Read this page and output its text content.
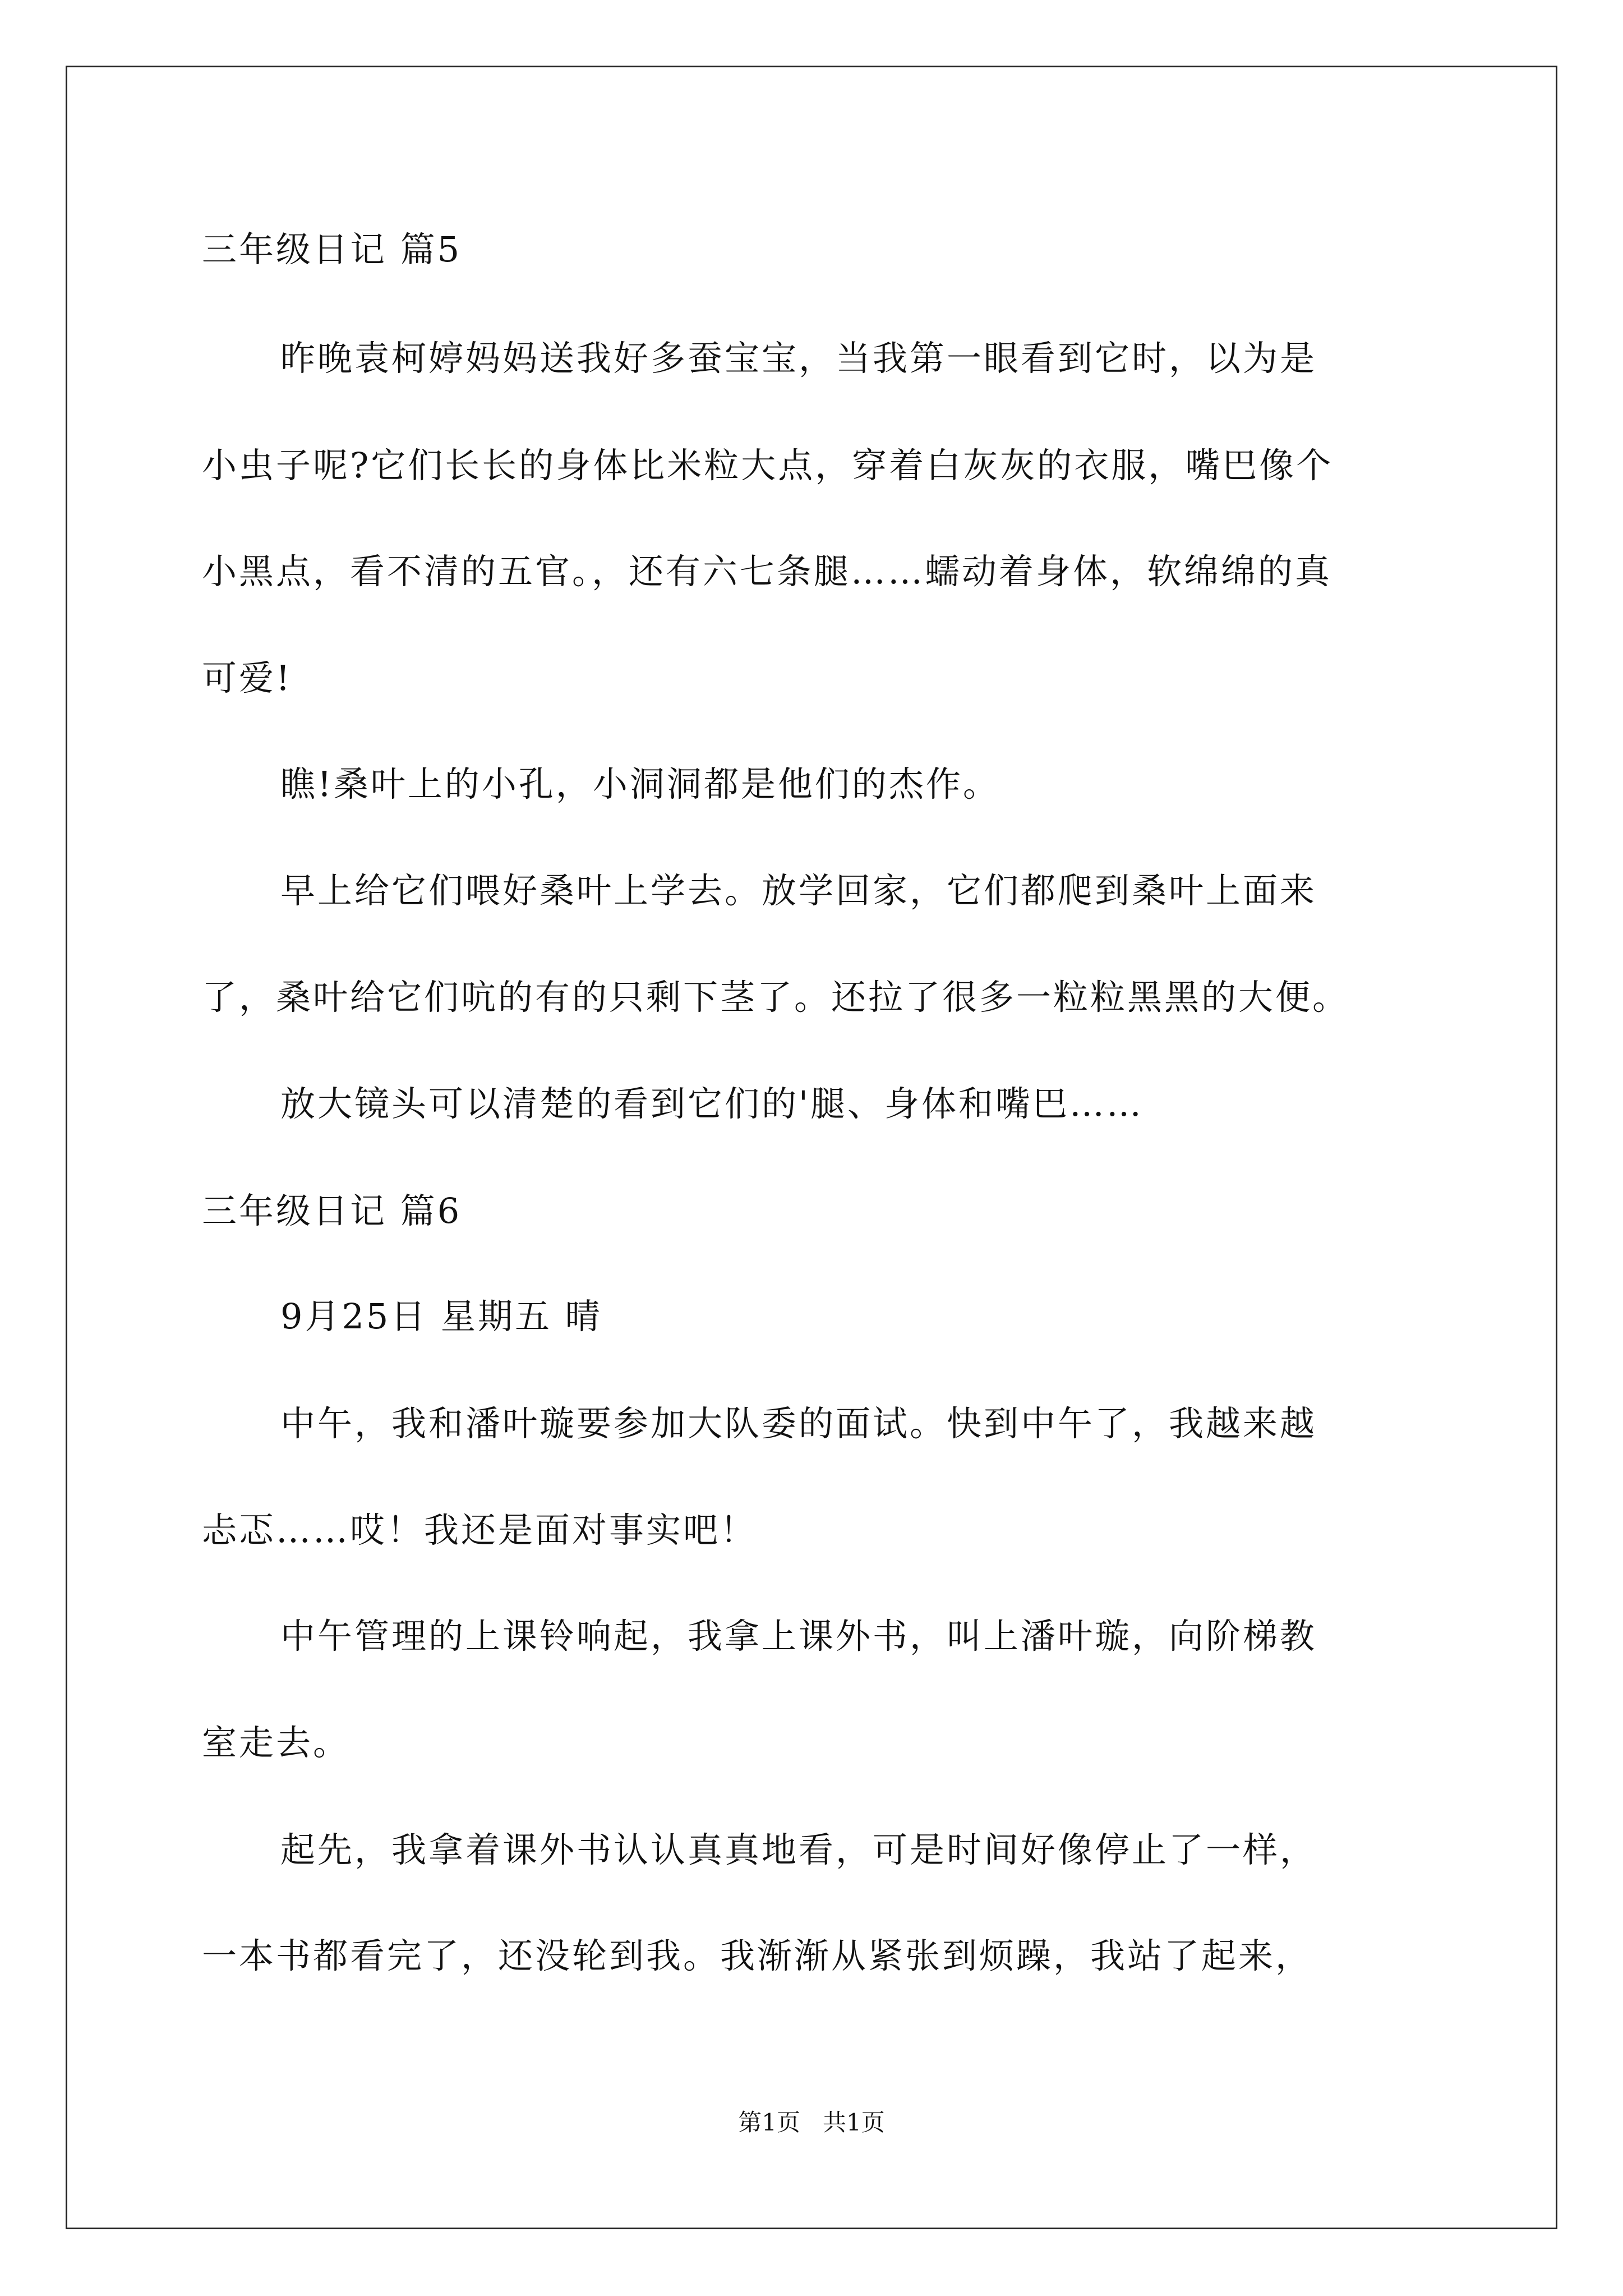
三年级日记 篇5
昨晚袁柯婷妈妈送我好多蚕宝宝，当我第一眼看到它时，以为是
小虫子呢?它们长长的身体比米粒大点，穿着白灰灰的衣服，嘴巴像个
小黑点，看不清的五官。，还有六七条腿……蠕动着身体，软绵绵的真
可爱!
瞧!桑叶上的小孔，小洞洞都是他们的杰作。
早上给它们喂好桑叶上学去。放学回家，它们都爬到桑叶上面来
了，桑叶给它们吭的有的只剩下茎了。还拉了很多一粒粒黑黑的大便。
放大镜头可以清楚的看到它们的'腿、身体和嘴巴……
三年级日记 篇6
9月25日 星期五 晴
中午，我和潘叶璇要参加大队委的面试。快到中午了，我越来越
忐忑……哎！我还是面对事实吧！
中午管理的上课铃响起，我拿上课外书，叫上潘叶璇，向阶梯教
室走去。
起先，我拿着课外书认认真真地看，可是时间好像停止了一样，
一本书都看完了，还没轮到我。我渐渐从紧张到烦躁，我站了起来，
第1页 共1页
